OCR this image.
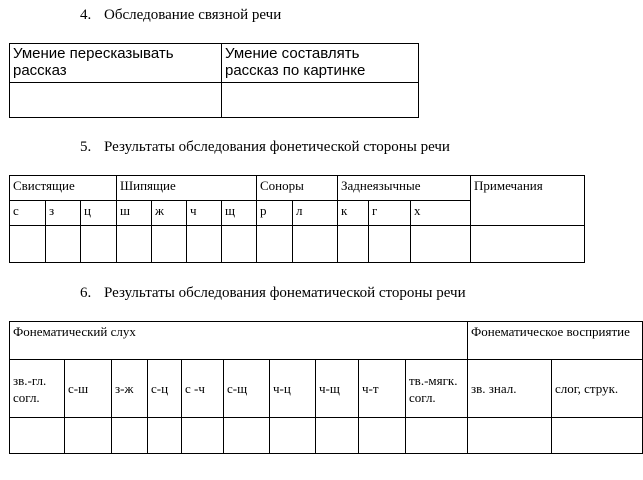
4. Обследование связной речи
Умение пересказывать рассказ	Умение составлять рассказ по картинке

5. Результаты обследования фонетической стороны речи
Свистящие			Шипящие				Соноры		Заднеязычные			Примечания
с	з	ц	ш	ж	ч	щ	р	л	к	г	х	

6. Результаты обследования фонематической стороны речи
Фонематический слух										Фонематическое восприятие	
зв.-гл. согл.	с-ш	з-ж	с-ц	с -ч	с-щ	ч-ц	ч-щ	ч-т	тв.-мягк. согл.	зв. знал.	слог, струк.
